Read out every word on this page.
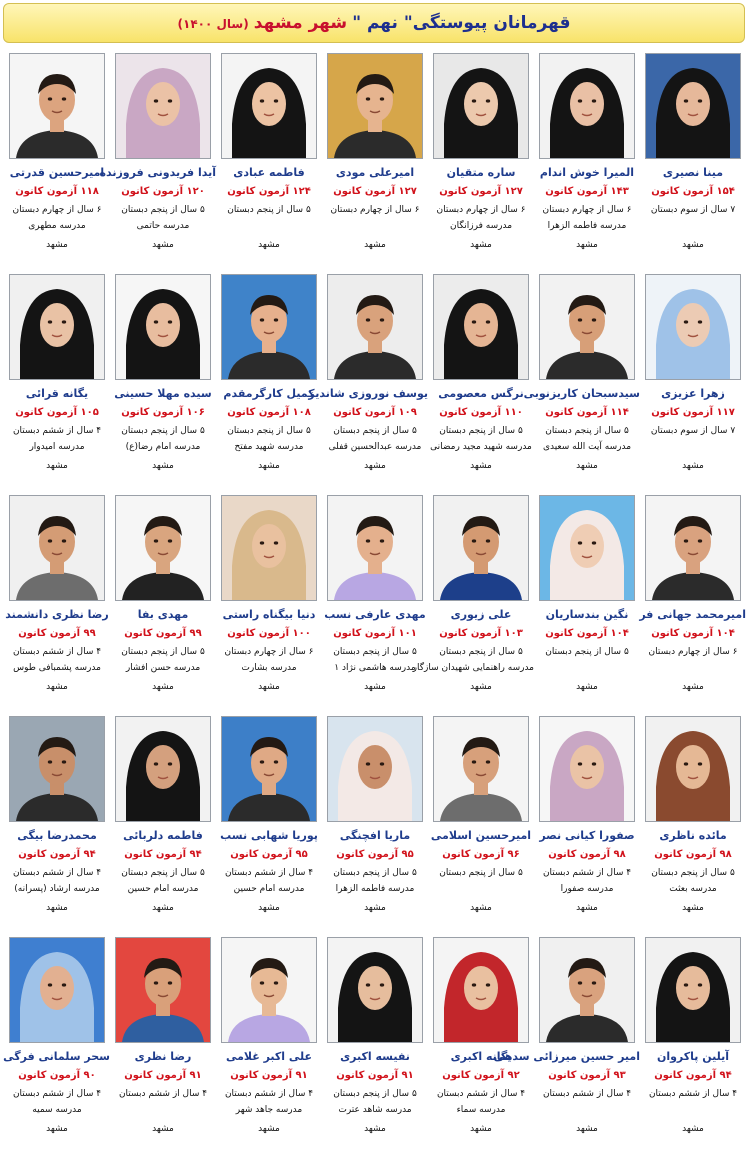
قهرمانان پیوستگی" نهم " شهر مشهد (سال ۱۴۰۰)
مینا نصیری
۱۵۴ آزمون کانون
۷ سال از سوم دبستان
مشهد
المیرا خوش اندام
۱۴۳ آزمون کانون
۶ سال از چهارم دبستان
مدرسه فاطمه الزهرا
مشهد
ساره متقیان
۱۲۷ آزمون کانون
۶ سال از چهارم دبستان
مدرسه فرزانگان
مشهد
امیرعلی مودی
۱۲۷ آزمون کانون
۶ سال از چهارم دبستان
مشهد
فاطمه عبادی
۱۲۴ آزمون کانون
۵ سال از پنجم دبستان
مشهد
آیدا فریدونی فروزنده
۱۲۰ آزمون کانون
۵ سال از پنجم دبستان
مدرسه حاتمی
مشهد
امیرحسین قدرتی
۱۱۸ آزمون کانون
۶ سال از چهارم دبستان
مدرسه مطهری
مشهد
زهرا عزیزی
۱۱۷ آزمون کانون
۷ سال از سوم دبستان
مشهد
سیدسبحان کاریزنوبی
۱۱۴ آزمون کانون
۵ سال از پنجم دبستان
مدرسه آیت الله سعیدی
مشهد
نرگس معصومی
۱۱۰ آزمون کانون
۵ سال از پنجم دبستان
مدرسه شهید مجید رمضانی
مشهد
یوسف نوروزی شاندیز
۱۰۹ آزمون کانون
۵ سال از پنجم دبستان
مدرسه عبدالحسین قفلی
مشهد
کمیل کارگرمقدم
۱۰۸ آزمون کانون
۵ سال از پنجم دبستان
مدرسه شهید مفتح
مشهد
سیده مهلا حسینی
۱۰۶ آزمون کانون
۵ سال از پنجم دبستان
مدرسه امام رضا(ع)
مشهد
یگانه قرائی
۱۰۵ آزمون کانون
۴ سال از ششم دبستان
مدرسه امیدوار
مشهد
امیرمحمد جهانی فر
۱۰۴ آزمون کانون
۶ سال از چهارم دبستان
مشهد
نگین بندساریان
۱۰۴ آزمون کانون
۵ سال از پنجم دبستان
مشهد
علی زیوری
۱۰۳ آزمون کانون
۵ سال از پنجم دبستان
مدرسه راهنمایی شهیدان سازگار
مشهد
مهدی عارفی نسب
۱۰۱ آزمون کانون
۵ سال از پنجم دبستان
مدرسه هاشمی نژاد ۱
مشهد
دنیا بیگناه راستی
۱۰۰ آزمون کانون
۶ سال از چهارم دبستان
مدرسه بشارت
مشهد
مهدی بفا
۹۹ آزمون کانون
۵ سال از پنجم دبستان
مدرسه حسن افشار
مشهد
رضا نظری دانشمند
۹۹ آزمون کانون
۴ سال از ششم دبستان
مدرسه پشمبافی طوس
مشهد
مائده ناظری
۹۸ آزمون کانون
۵ سال از پنجم دبستان
مدرسه بعثت
مشهد
صفورا کیانی نصر
۹۸ آزمون کانون
۴ سال از ششم دبستان
مدرسه صفورا
مشهد
امیرحسین اسلامی
۹۶ آزمون کانون
۵ سال از پنجم دبستان
مشهد
ماریا افچنگی
۹۵ آزمون کانون
۵ سال از پنجم دبستان
مدرسه فاطمه الزهرا
مشهد
پوریا شهابی نسب
۹۵ آزمون کانون
۴ سال از ششم دبستان
مدرسه امام حسین
مشهد
فاطمه دلربائی
۹۴ آزمون کانون
۵ سال از پنجم دبستان
مدرسه امام حسین
مشهد
محمدرضا بیگی
۹۴ آزمون کانون
۴ سال از ششم دبستان
مدرسه ارشاد (پسرانه)
مشهد
آیلین پاکروان
۹۴ آزمون کانون
۴ سال از ششم دبستان
مشهد
امیر حسین میرزائی سدهی
۹۳ آزمون کانون
۴ سال از ششم دبستان
مشهد
یگانه اکبری
۹۲ آزمون کانون
۴ سال از ششم دبستان
مدرسه سماء
مشهد
نفیسه اکبری
۹۱ آزمون کانون
۵ سال از پنجم دبستان
مدرسه شاهد عترت
مشهد
علی اکبر غلامی
۹۱ آزمون کانون
۴ سال از ششم دبستان
مدرسه جاهد شهر
مشهد
رضا نظری
۹۱ آزمون کانون
۴ سال از ششم دبستان
مشهد
سحر سلمانی فرگی
۹۰ آزمون کانون
۴ سال از ششم دبستان
مدرسه سمیه
مشهد
